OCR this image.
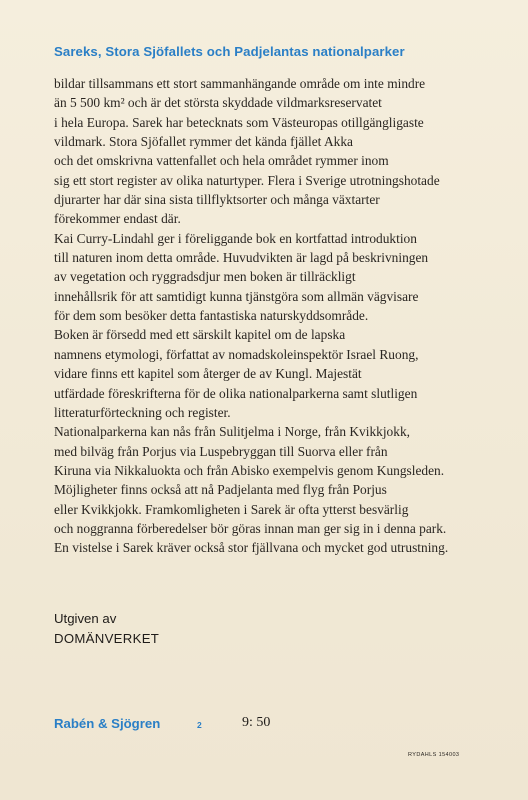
Sareks, Stora Sjöfallets och Padjelantas nationalparker
bildar tillsammans ett stort sammanhängande område om inte mindre
än 5 500 km² och är det största skyddade vildmarksreservatet
i hela Europa. Sarek har betecknats som Västeuropas otillgängligaste
vildmark. Stora Sjöfallet rymmer det kända fjället Akka
och det omskrivna vattenfallet och hela området rymmer inom
sig ett stort register av olika naturtyper. Flera i Sverige utrotningshotade
djurarter har där sina sista tillflyktsorter och många växtarter
förekommer endast där.
Kai Curry-Lindahl ger i föreliggande bok en kortfattad introduktion
till naturen inom detta område. Huvudvikten är lagd på beskrivningen
av vegetation och ryggradsdjur men boken är tillräckligt
innehållsrik för att samtidigt kunna tjänstgöra som allmän vägvisare
för dem som besöker detta fantastiska naturskyddsområde.
Boken är försedd med ett särskilt kapitel om de lapska
namnens etymologi, författat av nomadskoleinspektör Israel Ruong,
vidare finns ett kapitel som återger de av Kungl. Majestät
utfärdade föreskrifterna för de olika nationalparkerna samt slutligen
litteraturförteckning och register.
Nationalparkerna kan nås från Sulitjelma i Norge, från Kvikkjokk,
med bilväg från Porjus via Luspebryggan till Suorva eller från
Kiruna via Nikkaluokta och från Abisko exempelvis genom Kungsleden.
Möjligheter finns också att nå Padjelanta med flyg från Porjus
eller Kvikkjokk. Framkomligheten i Sarek är ofta ytterst besvärlig
och noggranna förberedelser bör göras innan man ger sig in i denna park.
En vistelse i Sarek kräver också stor fjällvana och mycket god utrustning.
Utgiven av
DOMÄNVERKET
Rabén & Sjögren	2	9: 50
RYDAHLS 154003
